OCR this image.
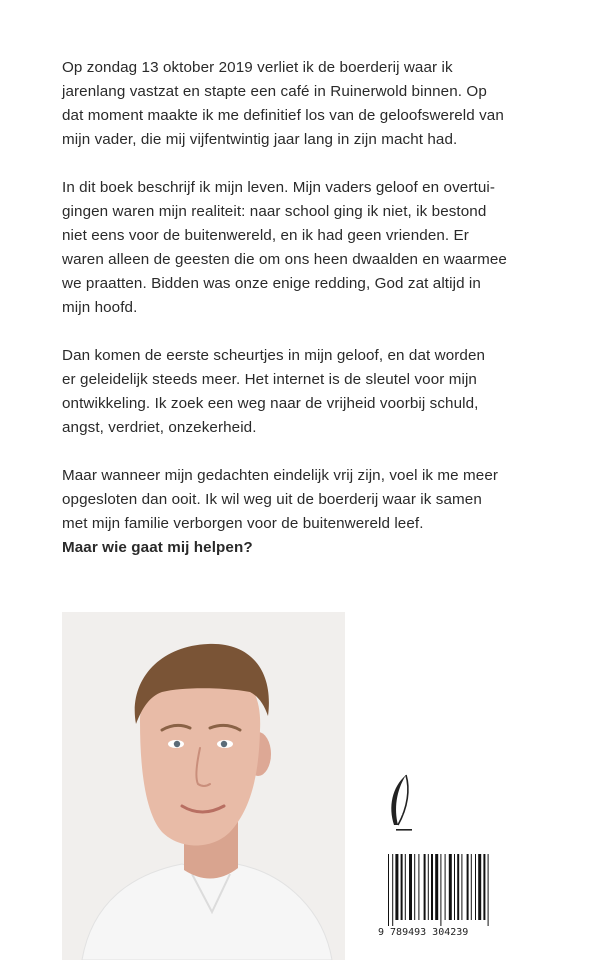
Op zondag 13 oktober 2019 verliet ik de boerderij waar ik
jarenlang vastzat en stapte een café in Ruinerwold binnen. Op
dat moment maakte ik me definitief los van de geloofswereld van
mijn vader, die mij vijfentwintig jaar lang in zijn macht had.

In dit boek beschrijf ik mijn leven. Mijn vaders geloof en overtui-
gingen waren mijn realiteit: naar school ging ik niet, ik bestond
niet eens voor de buitenwereld, en ik had geen vrienden. Er
waren alleen de geesten die om ons heen dwaalden en waarmee
we praatten. Bidden was onze enige redding, God zat altijd in
mijn hoofd.

Dan komen de eerste scheurtjes in mijn geloof, en dat worden
er geleidelijk steeds meer. Het internet is de sleutel voor mijn
ontwikkeling. Ik zoek een weg naar de vrijheid voorbij schuld,
angst, verdriet, onzekerheid.

Maar wanneer mijn gedachten eindelijk vrij zijn, voel ik me meer
opgesloten dan ooit. Ik wil weg uit de boerderij waar ik samen
met mijn familie verborgen voor de buitenwereld leef.
Maar wie gaat mij helpen?

9 789493 304239
